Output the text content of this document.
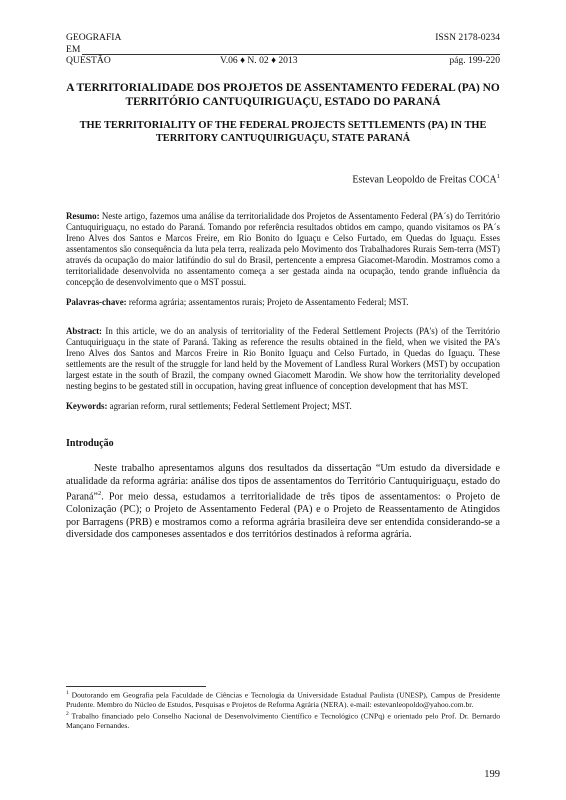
GEOGRAFIA	ISSN 2178-0234
EM
QUESTÃO	V.06 ♦ N. 02 ♦ 2013	pág. 199-220
A TERRITORIALIDADE DOS PROJETOS DE ASSENTAMENTO FEDERAL (PA) NO TERRITÓRIO CANTUQUIRIGUAÇU, ESTADO DO PARANÁ
THE TERRITORIALITY OF THE FEDERAL PROJECTS SETTLEMENTS (PA) IN THE TERRITORY CANTUQUIRIGUAÇU, STATE PARANÁ
Estevan Leopoldo de Freitas COCA$^1$
Resumo: Neste artigo, fazemos uma análise da territorialidade dos Projetos de Assentamento Federal (PA´s) do Território Cantuquiriguaçu, no estado do Paraná. Tomando por referência resultados obtidos em campo, quando visitamos os PA´s Ireno Alves dos Santos e Marcos Freire, em Rio Bonito do Iguaçu e Celso Furtado, em Quedas do Iguaçu. Esses assentamentos são consequência da luta pela terra, realizada pelo Movimento dos Trabalhadores Rurais Sem-terra (MST) através da ocupação do maior latifúndio do sul do Brasil, pertencente a empresa Giacomet-Marodin. Mostramos como a territorialidade desenvolvida no assentamento começa a ser gestada ainda na ocupação, tendo grande influência da concepção de desenvolvimento que o MST possui.
Palavras-chave: reforma agrária; assentamentos rurais; Projeto de Assentamento Federal; MST.
Abstract: In this article, we do an analysis of territoriality of the Federal Settlement Projects (PA's) of the Território Cantuquiriguaçu in the state of Paraná. Taking as reference the results obtained in the field, when we visited the PA's Ireno Alves dos Santos and Marcos Freire in Rio Bonito Iguaçu and Celso Furtado, in Quedas do Iguaçu. These settlements are the result of the struggle for land held by the Movement of Landless Rural Workers (MST) by occupation largest estate in the south of Brazil, the company owned Giacomett Marodin. We show how the territoriality developed nesting begins to be gestated still in occupation, having great influence of conception development that has MST.
Keywords: agrarian reform, rural settlements; Federal Settlement Project; MST.
Introdução
Neste trabalho apresentamos alguns dos resultados da dissertação “Um estudo da diversidade e atualidade da reforma agrária: análise dos tipos de assentamentos do Território Cantuquiriguaçu, estado do Paraná”$^2$. Por meio dessa, estudamos a territorialidade de três tipos de assentamentos: o Projeto de Colonização (PC); o Projeto de Assentamento Federal (PA) e o Projeto de Reassentamento de Atingidos por Barragens (PRB) e mostramos como a reforma agrária brasileira deve ser entendida considerando-se a diversidade dos camponeses assentados e dos territórios destinados à reforma agrária.
$^1$ Doutorando em Geografia pela Faculdade de Ciências e Tecnologia da Universidade Estadual Paulista (UNESP), Campus de Presidente Prudente. Membro do Núcleo de Estudos, Pesquisas e Projetos de Reforma Agrária (NERA). e-mail: estevanleopoldo@yahoo.com.br.
$^2$ Trabalho financiado pelo Conselho Nacional de Desenvolvimento Científico e Tecnológico (CNPq) e orientado pelo Prof. Dr. Bernardo Mançano Fernandes.
199
